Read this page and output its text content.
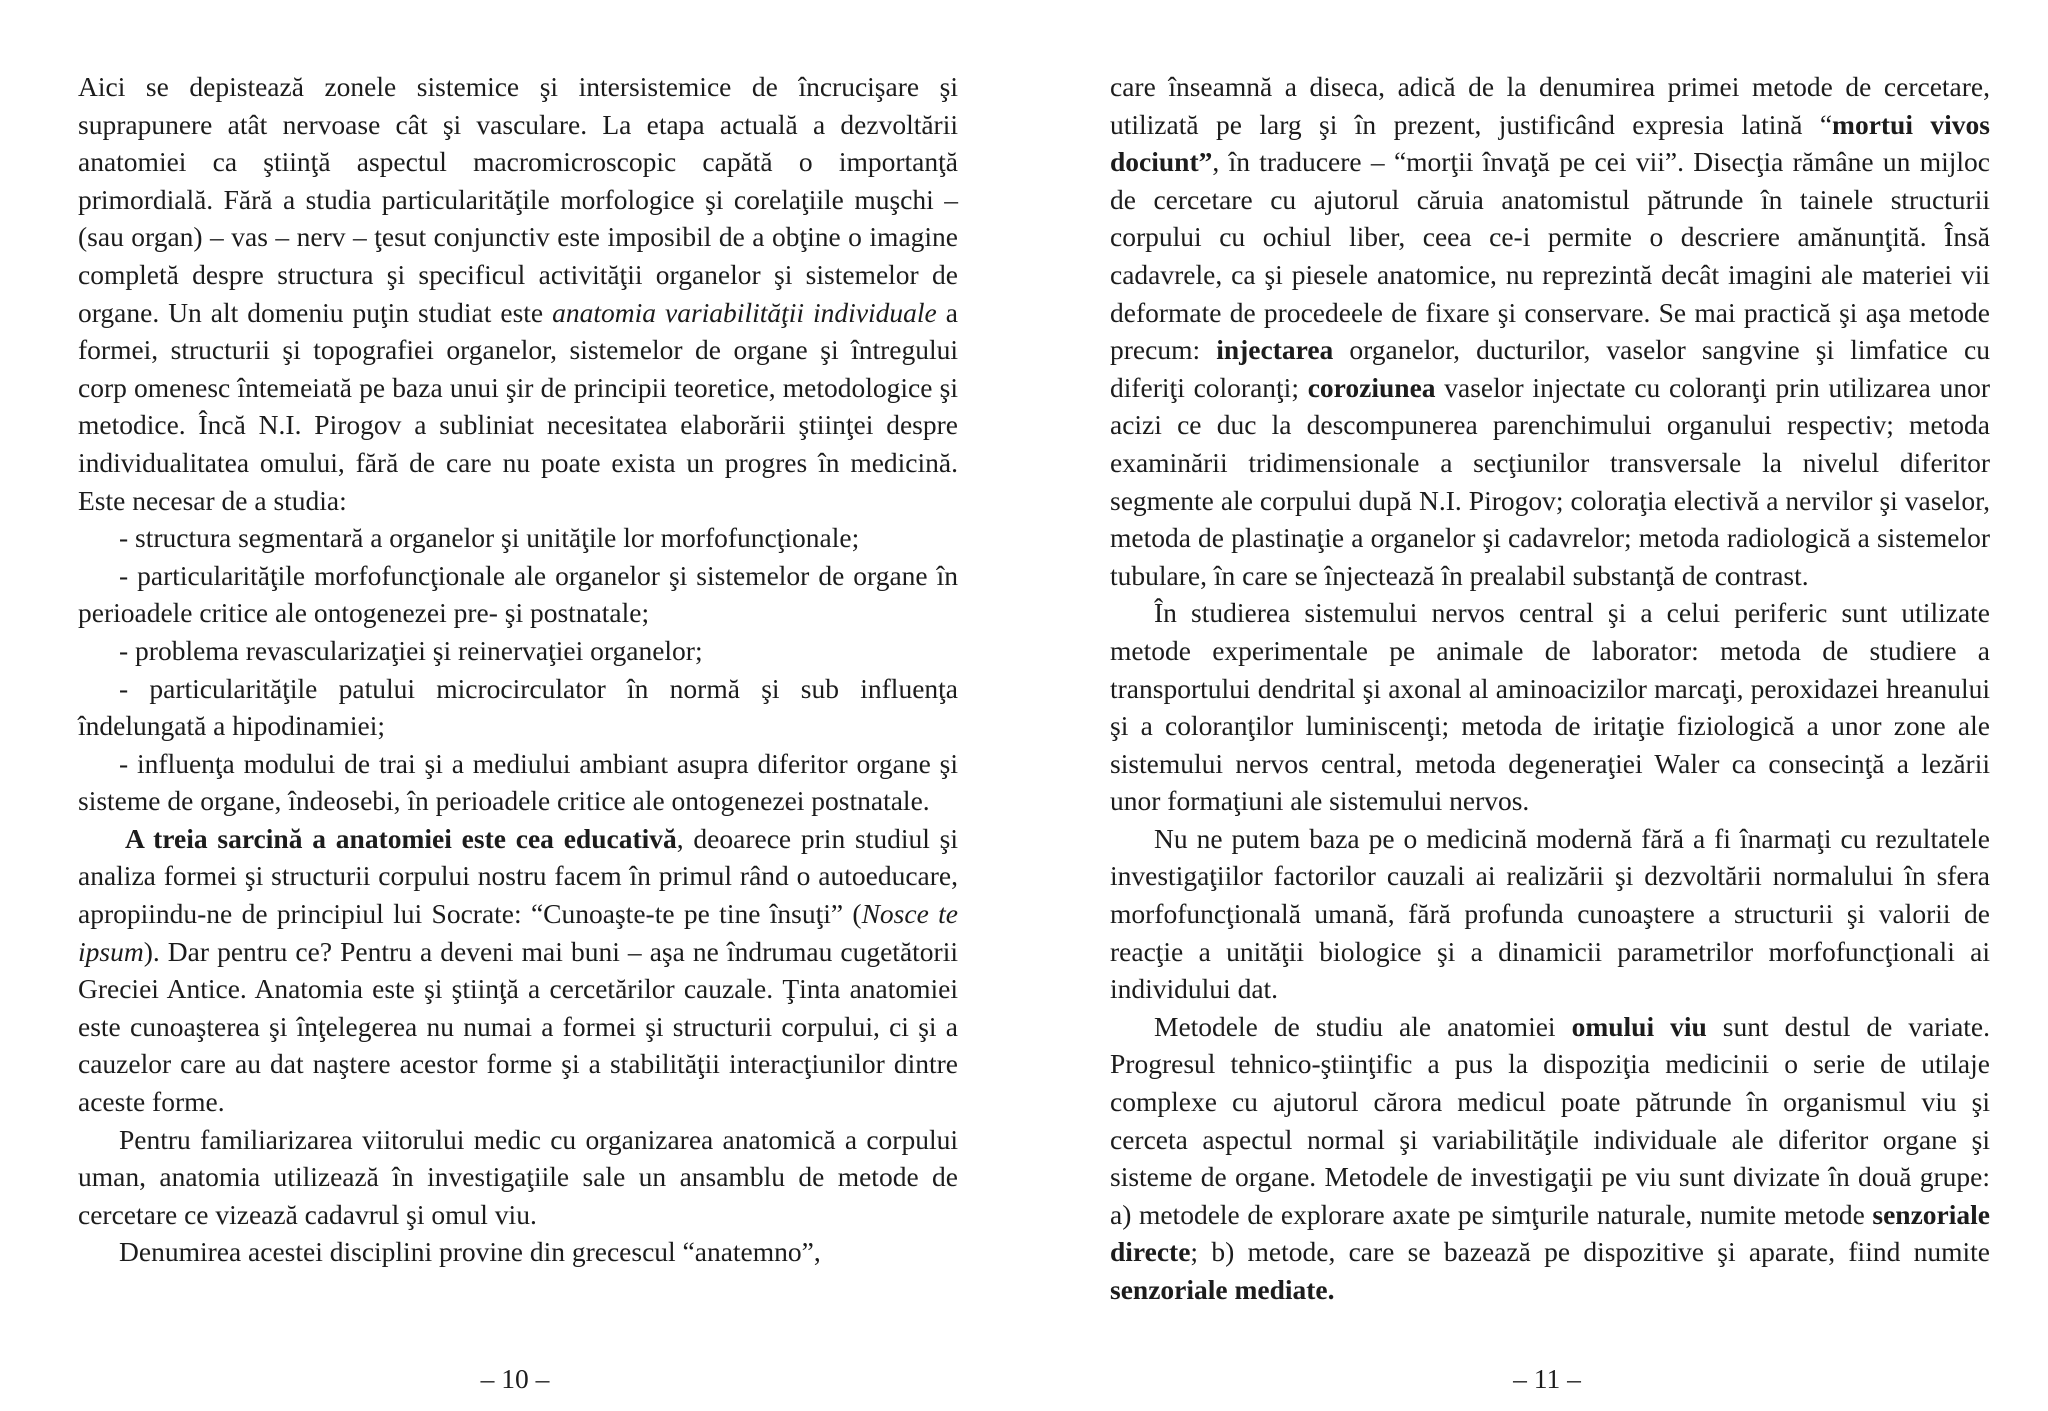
Aici se depistează zonele sistemice şi intersistemice de încrucişare şi suprapunere atât nervoase cât şi vasculare. La etapa actuală a dezvoltării anatomiei ca ştiinţă aspectul macromicroscopic capătă o importanţă primordială. Fără a studia particularităţile morfologice şi corelaţiile muşchi – (sau organ) – vas – nerv – ţesut conjunctiv este imposibil de a obţine o imagine completă despre structura şi specificul activităţii organelor şi sistemelor de organe. Un alt domeniu puţin studiat este anatomia variabilităţii individuale a formei, structurii şi topografiei organelor, sistemelor de organe şi întregului corp omenesc întemeiată pe baza unui şir de principii teoretice, metodologice şi metodice. Încă N.I. Pirogov a subliniat necesitatea elaborării ştiinţei despre individualitatea omului, fără de care nu poate exista un progres în medicină. Este necesar de a studia:

- structura segmentară a organelor şi unităţile lor morfofuncţionale;

- particularităţile morfofuncţionale ale organelor şi sistemelor de organe în perioadele critice ale ontogenezei pre- şi postnatale;

- problema revascularizaţiei şi reinervaţiei organelor;

- particularităţile patului microcirculator în normă şi sub influenţa îndelungată a hipodinamiei;

- influenţa modului de trai şi a mediului ambiant asupra diferitor organe şi sisteme de organe, îndeosebi, în perioadele critice ale ontogenezei postnatale.

A treia sarcină a anatomiei este cea educativă, deoarece prin studiul şi analiza formei şi structurii corpului nostru facem în primul rând o autoeducare, apropiindu-ne de principiul lui Socrate: “Cunoaşte-te pe tine însuţi” (Nosce te ipsum). Dar pentru ce? Pentru a deveni mai buni – aşa ne îndrumau cugetătorii Greciei Antice. Anatomia este şi ştiinţă a cercetărilor cauzale. Ţinta anatomiei este cunoaşterea şi înţelegerea nu numai a formei şi structurii corpului, ci şi a cauzelor care au dat naştere acestor forme şi a stabilităţii interacţiunilor dintre aceste forme.

Pentru familiarizarea viitorului medic cu organizarea anatomică a corpului uman, anatomia utilizează în investigaţiile sale un ansamblu de metode de cercetare ce vizează cadavrul şi omul viu.

Denumirea acestei disciplini provine din grecescul “anatemno”,

care înseamnă a diseca, adică de la denumirea primei metode de cercetare, utilizată pe larg şi în prezent, justificând expresia latină “mortui vivos dociunt”, în traducere – “morţii învaţă pe cei vii”. Disecţia rămâne un mijloc de cercetare cu ajutorul căruia anatomistul pătrunde în tainele structurii corpului cu ochiul liber, ceea ce-i permite o descriere amănunţită. Însă cadavrele, ca şi piesele anatomice, nu reprezintă decât imagini ale materiei vii deformate de procedeele de fixare şi conservare. Se mai practică şi aşa metode precum: injectarea organelor, ducturilor, vaselor sangvine şi limfatice cu diferiţi coloranţi; coroziunea vaselor injectate cu coloranţi prin utilizarea unor acizi ce duc la descompunerea parenchimului organului respectiv; metoda examinării tridimensionale a secţiunilor transversale la nivelul diferitor segmente ale corpului după N.I. Pirogov; coloraţia electivă a nervilor şi vaselor, metoda de plastinaţie a organelor şi cadavrelor; metoda radiologică a sistemelor tubulare, în care se înjectează în prealabil substanţă de contrast.

În studierea sistemului nervos central şi a celui periferic sunt utilizate metode experimentale pe animale de laborator: metoda de studiere a transportului dendrital şi axonal al aminoacizilor marcaţi, peroxidazei hreanului şi a coloranţilor luminiscenţi; metoda de iritaţie fiziologică a unor zone ale sistemului nervos central, metoda degeneraţiei Waler ca consecinţă a lezării unor formaţiuni ale sistemului nervos.

Nu ne putem baza pe o medicină modernă fără a fi înarmaţi cu rezultatele investigaţiilor factorilor cauzali ai realizării şi dezvoltării normalului în sfera morfofuncţională umană, fără profunda cunoaştere a structurii şi valorii de reacţie a unităţii biologice şi a dinamicii parametrilor morfofuncţionali ai individului dat.

Metodele de studiu ale anatomiei omului viu sunt destul de variate. Progresul tehnico-ştiinţific a pus la dispoziţia medicinii o serie de utilaje complexe cu ajutorul cărora medicul poate pătrunde în organismul viu şi cerceta aspectul normal şi variabilităţile individuale ale diferitor organe şi sisteme de organe. Metodele de investigaţii pe viu sunt divizate în două grupe: a) metodele de explorare axate pe simţurile naturale, numite metode senzoriale directe; b) metode, care se bazează pe dispozitive şi aparate, fiind numite senzoriale mediate.

– 10 –	– 11 –
